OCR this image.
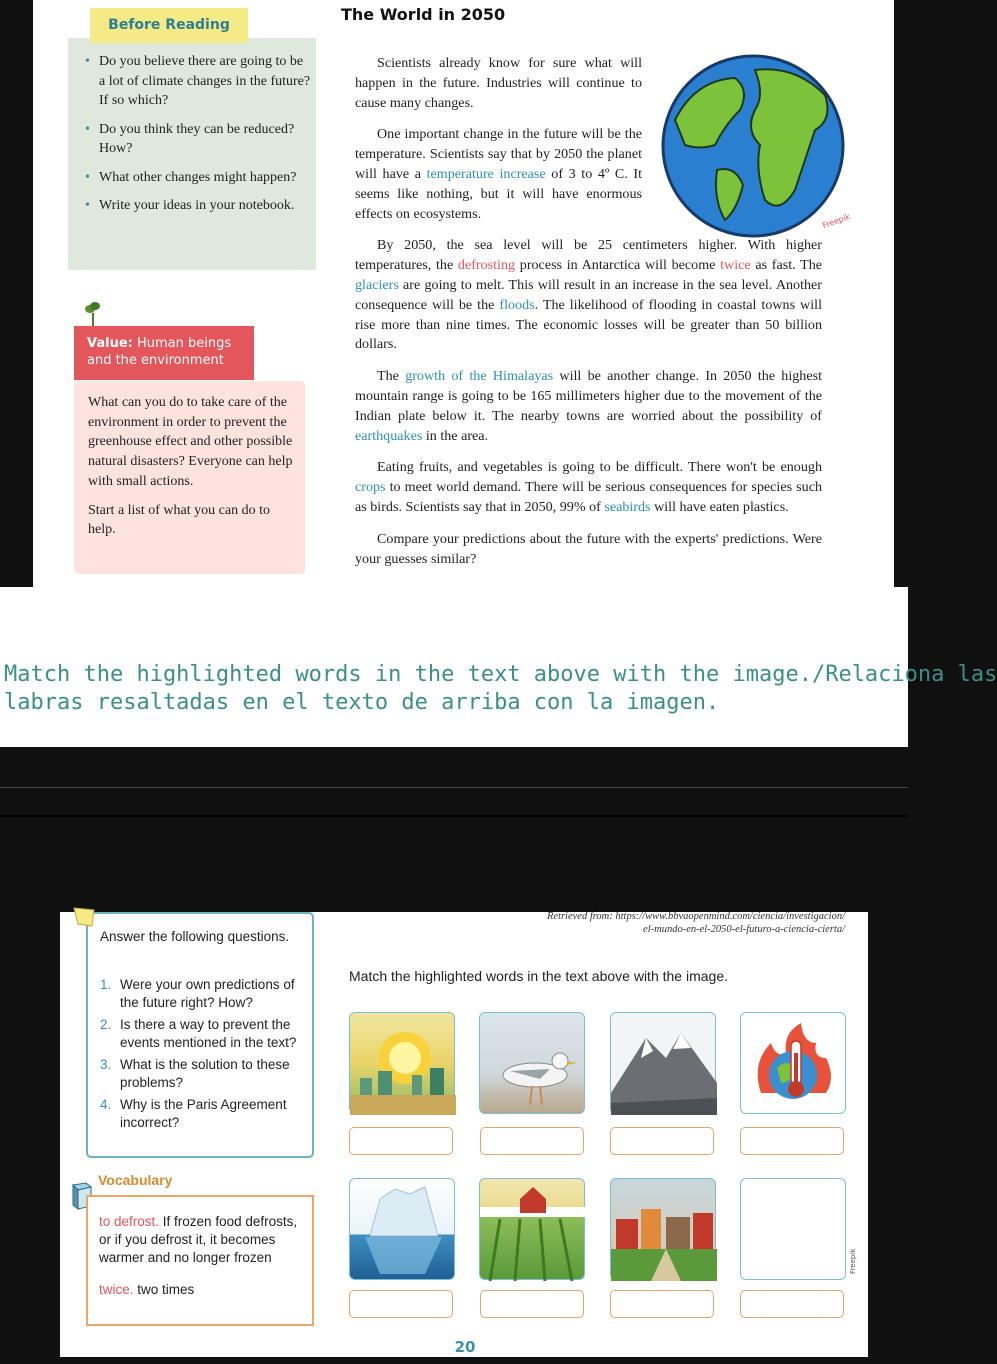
The World in 2050
• Do you believe there are going to be a lot of climate changes in the future? If so which?
• Do you think they can be reduced? How?
• What other changes might happen?
• Write your ideas in your notebook.
Before Reading
Value: Human beings and the environment

What can you do to take care of the environment in order to prevent the greenhouse effect and other possible natural disasters? Everyone can help with small actions.

Start a list of what you can do to help.

Scientists already know for sure what will happen in the future. Industries will continue to cause many changes.

One important change in the future will be the temperature. Scientists say that by 2050 the planet will have a temperature increase of 3 to 4º C. It seems like nothing, but it will have enormous effects on ecosystems.

By 2050, the sea level will be 25 centimeters higher. With higher temperatures, the defrosting process in Antarctica will become twice as fast. The glaciers are going to melt. This will result in an increase in the sea level. Another consequence will be the floods. The likelihood of flooding in coastal towns will rise more than nine times. The economic losses will be greater than 50 billion dollars.

The growth of the Himalayas will be another change. In 2050 the highest mountain range is going to be 165 millimeters higher due to the movement of the Indian plate below it. The nearby towns are worried about the possibility of earthquakes in the area.

Eating fruits, and vegetables is going to be difficult. There won't be enough crops to meet world demand. There will be serious consequences for species such as birds. Scientists say that in 2050, 99% of seabirds will have eaten plastics.

Compare your predictions about the future with the experts' predictions. Were your guesses similar?

Freepik
Match the highlighted words in the text above with the image./Relaciona las
labras resaltadas en el texto de arriba con la imagen.
Answer the following questions.
1. Were your own predictions of the future right? How?
2. Is there a way to prevent the events mentioned in the text?
3. What is the solution to these problems?
4. Why is the Paris Agreement incorrect?
Vocabulary

to defrost. If frozen food defrosts, or if you defrost it, it becomes warmer and no longer frozen

twice. two times

Retrieved from: https://www.bbvaopenmind.com/ciencia/investigacion/
el-mundo-en-el-2050-el-futuro-a-ciencia-cierta/
Match the highlighted words in the text above with the image.
Freepik
20
